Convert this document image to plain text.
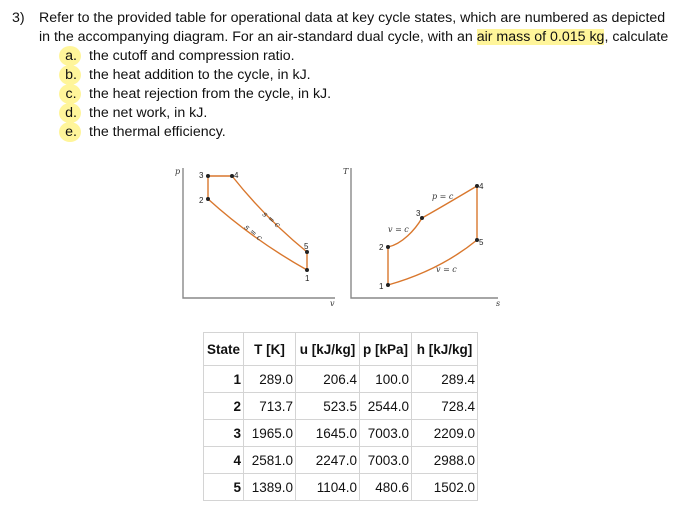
3) Refer to the provided table for operational data at key cycle states, which are numbered as depicted
in the accompanying diagram. For an air-standard dual cycle, with an air mass of 0.015 kg, calculate
a. the cutoff and compression ratio.
b. the heat addition to the cycle, in kJ.
c. the heat rejection from the cycle, in kJ.
d. the net work, in kJ.
e. the thermal efficiency.
p
v
1
2
3	4
5
s = c
s = c
T
s
1
2
3
4
5
p = c
v = c
v = c
State	T [K]	u [kJ/kg]	p [kPa]	h [kJ/kg]
1	289.0	206.4	100.0	289.4
2	713.7	523.5	2544.0	728.4
3	1965.0	1645.0	7003.0	2209.0
4	2581.0	2247.0	7003.0	2988.0
5	1389.0	1104.0	480.6	1502.0
